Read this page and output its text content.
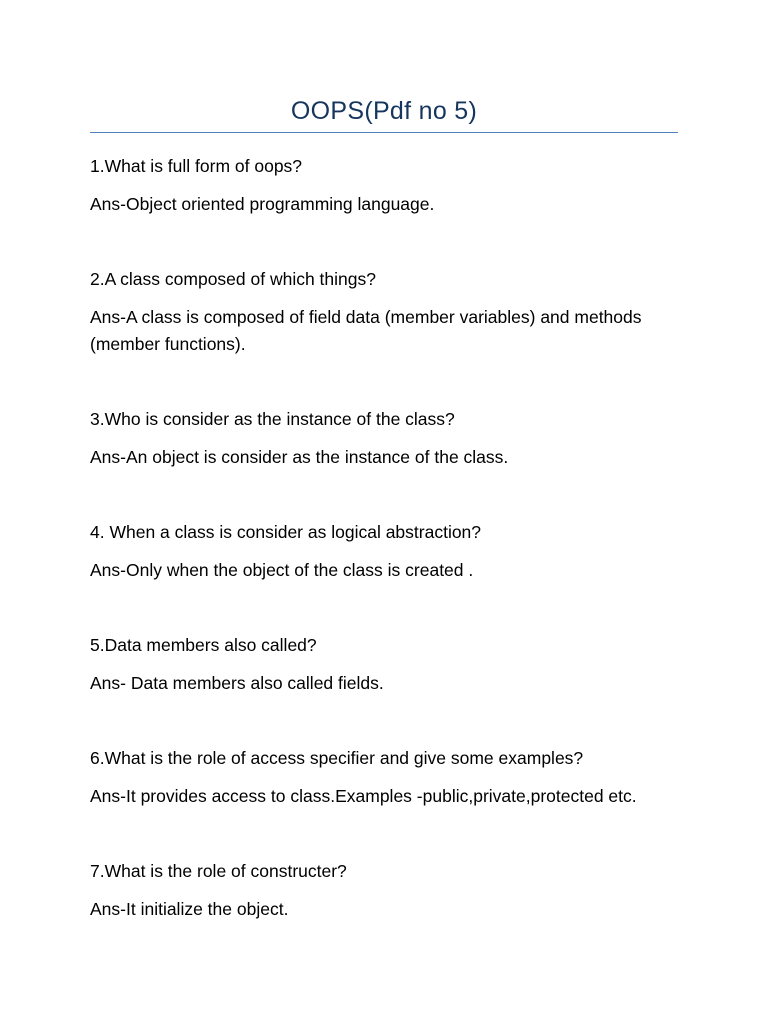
OOPS(Pdf no 5)

1.What is full form of oops?

Ans-Object oriented programming language.

2.A class composed of which things?

Ans-A class is composed of field data (member variables) and methods (member functions).

3.Who is consider as the instance of the class?

Ans-An object is consider as the instance of the class.

4. When a class is consider as logical abstraction?

Ans-Only when the object of the class is created .

5.Data members also called?

Ans- Data members also called fields.

6.What is the role of access specifier and give some examples?

Ans-It provides access to class.Examples -public,private,protected etc.

7.What is the role of constructer?

Ans-It initialize the object.
